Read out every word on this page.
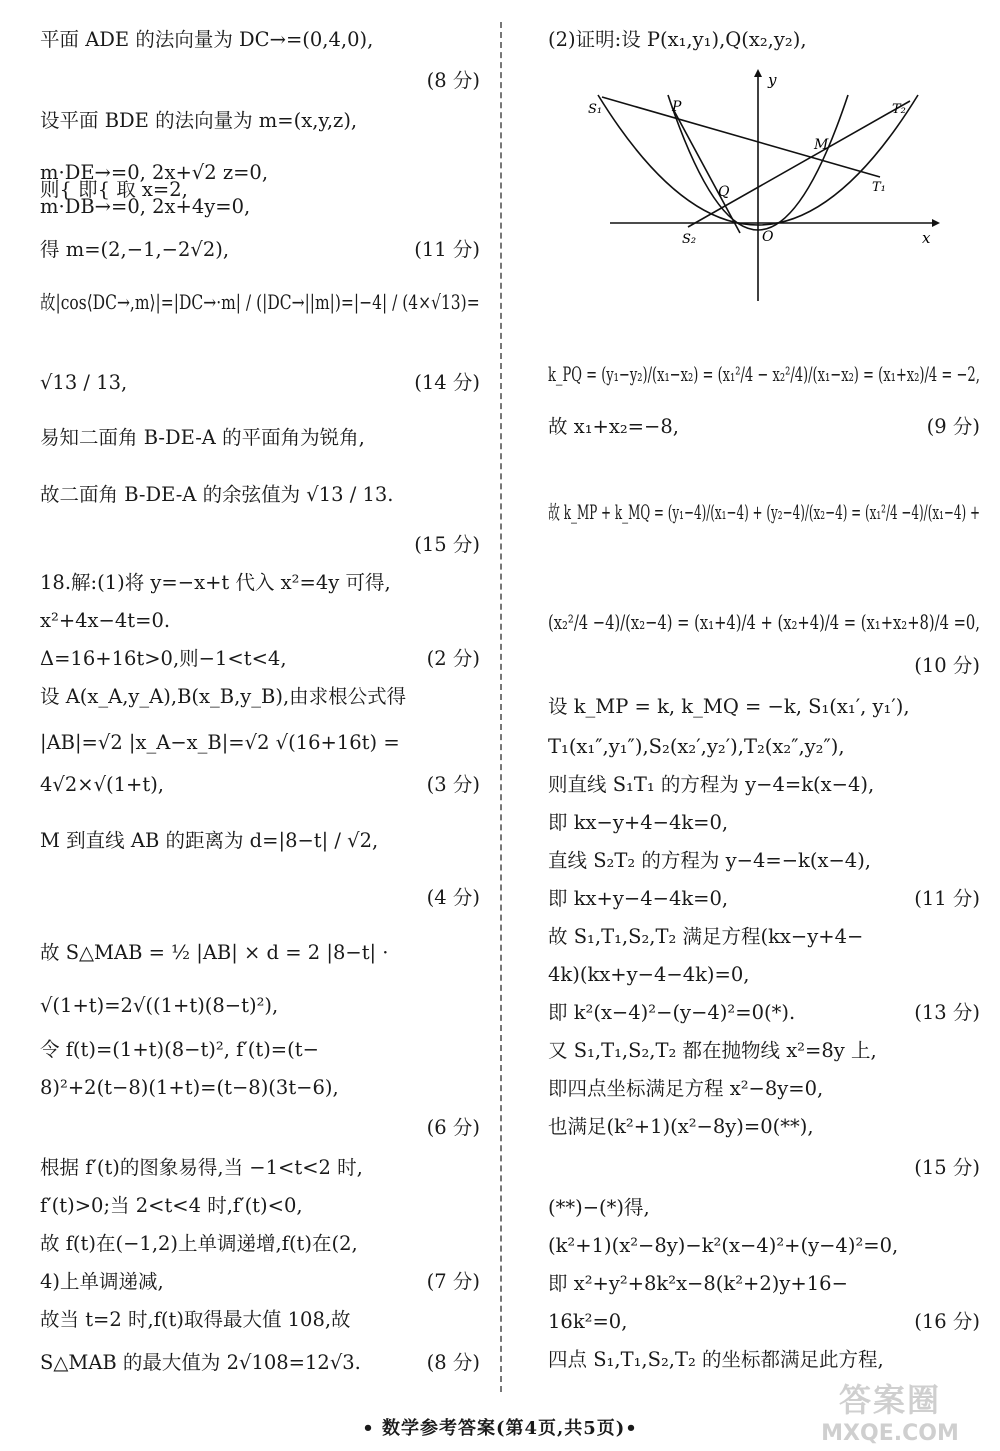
平面 ADE 的法向量为 DC→=(0,4,0),
设平面 BDE 的法向量为 m=(x,y,z),
m·DE→=0, 2x+√2 z=0,
则{ 即{ 取 x=2,
m·DB→=0, 2x+4y=0,
得 m=(2,−1,−2√2),
故|cos⟨DC→,m⟩|=|DC→·m| / (|DC→||m|)=|−4| / (4×√13)=
√13 / 13,
易知二面角 B-DE-A 的平面角为锐角,
故二面角 B-DE-A 的余弦值为 √13 / 13.
18.解:(1)将 y=−x+t 代入 x²=4y 可得,
x²+4x−4t=0.
Δ=16+16t>0,则−1<t<4,
设 A(x_A,y_A),B(x_B,y_B),由求根公式得
|AB|=√2 |x_A−x_B|=√2 √(16+16t) =
4√2×√(1+t),
M 到直线 AB 的距离为 d=|8−t| / √2,
故 S△MAB = ½ |AB| × d = 2 |8−t| ·
√(1+t)=2√((1+t)(8−t)²),
令 f(t)=(1+t)(8−t)², f′(t)=(t−
8)²+2(t−8)(1+t)=(t−8)(3t−6),
根据 f′(t)的图象易得,当 −1<t<2 时,
f′(t)>0;当 2<t<4 时,f′(t)<0,
故 f(t)在(−1,2)上单调递增,f(t)在(2,
4)上单调递减,
故当 t=2 时,f(t)取得最大值 108,故
S△MAB 的最大值为 2√108=12√3.
(8 分)
(11 分)
(14 分)
(15 分)
(2 分)
(3 分)
(4 分)
(6 分)
(7 分)
(8 分)
(2)证明:设 P(x₁,y₁),Q(x₂,y₂),
k_PQ = (y₁−y₂)/(x₁−x₂) = (x₁²/4 − x₂²/4)/(x₁−x₂) = (x₁+x₂)/4 = −2,
故 x₁+x₂=−8,
故 k_MP + k_MQ = (y₁−4)/(x₁−4) + (y₂−4)/(x₂−4) = (x₁²/4 −4)/(x₁−4) +
(x₂²/4 −4)/(x₂−4) = (x₁+4)/4 + (x₂+4)/4 = (x₁+x₂+8)/4 =0,
设 k_MP = k, k_MQ = −k, S₁(x₁′, y₁′),
T₁(x₁″,y₁″),S₂(x₂′,y₂′),T₂(x₂″,y₂″),
则直线 S₁T₁ 的方程为 y−4=k(x−4),
即 kx−y+4−4k=0,
直线 S₂T₂ 的方程为 y−4=−k(x−4),
即 kx+y−4−4k=0,
故 S₁,T₁,S₂,T₂ 满足方程(kx−y+4−
4k)(kx+y−4−4k)=0,
即 k²(x−4)²−(y−4)²=0(*).
又 S₁,T₁,S₂,T₂ 都在抛物线 x²=8y 上,
即四点坐标满足方程 x²−8y=0,
也满足(k²+1)(x²−8y)=0(**),
(**)−(*)得,
(k²+1)(x²−8y)−k²(x−4)²+(y−4)²=0,
即 x²+y²+8k²x−8(k²+2)y+16−
16k²=0,
四点 S₁,T₁,S₂,T₂ 的坐标都满足此方程,
(9 分)
(10 分)
(11 分)
(13 分)
(15 分)
(16 分)
y
x
O
P
Q
M
S₁
S₂
T₁
T₂
• 数学参考答案(第4页,共5页)•
答案圈
MXQE.COM
